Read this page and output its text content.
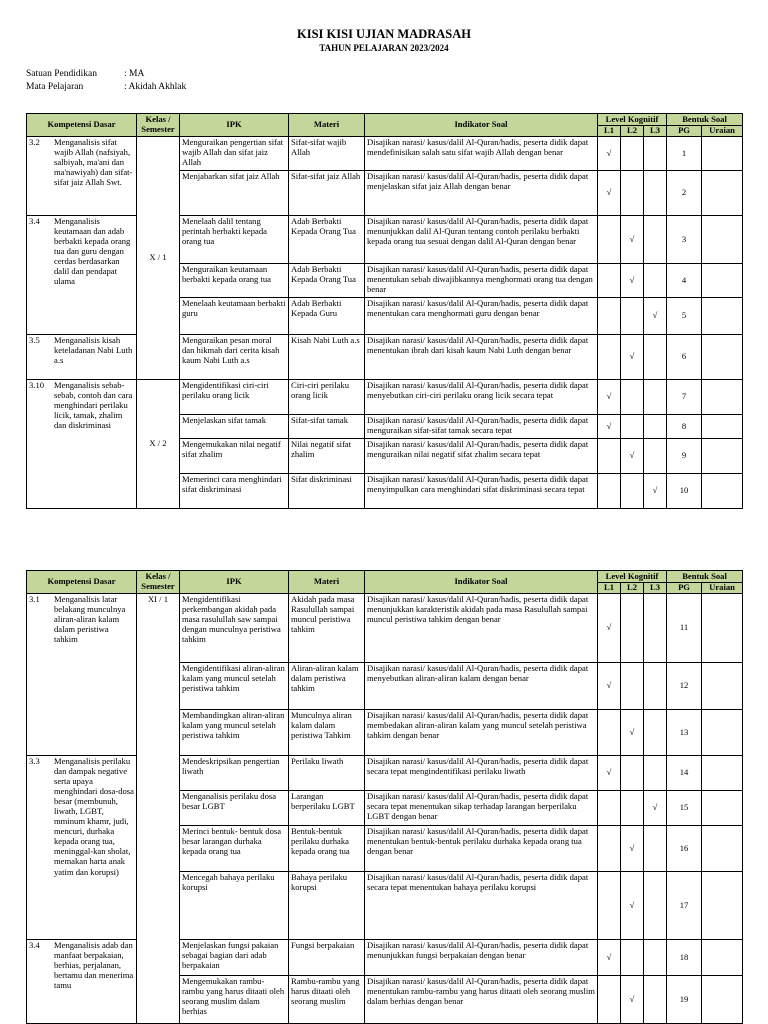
KISI KISI UJIAN MADRASAH
TAHUN PELAJARAN 2023/2024
Satuan Pendidikan	: MA
Mata Pelajaran	: Akidah Akhlak
Kompetensi Dasar	Kelas / Semester	IPK	Materi	Indikator Soal	Level Kognitif			Bentuk Soal	
					L1	L2	L3	PG	Uraian

3.2 Menganalisis sifat wajib Allah (nafsiyah, salbiyah, ma'ani dan ma'nawiyah) dan sifat-sifat jaiz Allah Swt.	X / 1	Menguraikan pengertian sifat wajib Allah dan sifat jaiz Allah	Sifat-sifat wajib Allah	Disajikan narasi/ kasus/dalil Al-Quran/hadis, peserta didik dapat mendefinisikan salah satu sifat wajib Allah dengan benar	√			1	
		Menjabarkan sifat jaiz Allah	Sifat-sifat jaiz Allah	Disajikan narasi/ kasus/dalil Al-Quran/hadis, peserta didik dapat menjelaskan sifat jaiz Allah dengan benar	√			2	

3.4 Menganalisis keutamaan dan adab berbakti kepada orang tua dan guru dengan cerdas berdasarkan dalil dan pendapat ulama		Menelaah dalil tentang perintah berbakti kepada orang tua	Adab Berbakti Kepada Orang Tua	Disajikan narasi/ kasus/dalil Al-Quran/hadis, peserta didik dapat menunjukkan dalil Al-Quran tentang contoh perilaku berbakti kepada orang tua sesuai dengan dalil Al-Quran dengan benar		√		3	
		Menguraikan keutamaan berbakti kepada orang tua	Adab Berbakti Kepada Orang Tua	Disajikan narasi/ kasus/dalil Al-Quran/hadis, peserta didik dapat menentukan sebab diwajibkannya menghormati orang tua dengan benar		√		4	
		Menelaah keutamaan berbakti guru	Adab Berbakti Kepada Guru	Disajikan narasi/ kasus/dalil Al-Quran/hadis, peserta didik dapat menentukan cara menghormati guru dengan benar			√	5	

3.5 Menganalisis kisah keteladanan Nabi Luth a.s		Menguraikan pesan moral dan hikmah dari cerita kisah kaum Nabi Luth a.s	Kisah Nabi Luth a.s	Disajikan narasi/ kasus/dalil Al-Quran/hadis, peserta didik dapat menentukan ibrah dari kisah kaum Nabi Luth dengan benar		√		6	

3.10 Menganalisis sebab-sebab, contoh dan cara menghindari perilaku licik, tamak, zhalim dan diskriminasi	X / 2	Mengidentifikasi ciri-ciri perilaku orang licik	Ciri-ciri perilaku orang licik	Disajikan narasi/ kasus/dalil Al-Quran/hadis, peserta didik dapat menyebutkan ciri-ciri perilaku orang licik secara tepat	√			7	
		Menjelaskan sifat tamak	Sifat-sifat tamak	Disajikan narasi/ kasus/dalil Al-Quran/hadis, peserta didik dapat menguraikan sifat-sifat tamak secara tepat	√			8	
		Mengemukakan nilai negatif sifat zhalim	Nilai negatif sifat zhalim	Disajikan narasi/ kasus/dalil Al-Quran/hadis, peserta didik dapat menguraikan nilai negatif sifat zhalim secara tepat		√		9	
		Memerinci cara menghindari sifat diskriminasi	Sifat diskriminasi	Disajikan narasi/ kasus/dalil Al-Quran/hadis, peserta didik dapat menyimpulkan cara menghindari sifat diskriminasi secara tepat			√	10	
Kompetensi Dasar	Kelas / Semester	IPK	Materi	Indikator Soal	Level Kognitif			Bentuk Soal	
					L1	L2	L3	PG	Uraian

3.1 Menganalisis latar belakang munculnya aliran-aliran kalam dalam peristiwa tahkim	XI / 1	Mengidentifikasi perkembangan akidah pada masa rasulullah saw sampai dengan munculnya peristiwa tahkim	Akidah pada masa Rasulullah sampai muncul peristiwa tahkim	Disajikan narasi/ kasus/dalil Al-Quran/hadis, peserta didik dapat menunjukkan karakteristik akidah pada masa Rasulullah sampai muncul peristiwa tahkim dengan benar	√			11	
		Mengidentifikasi aliran-aliran kalam yang muncul setelah peristiwa tahkim	Aliran-aliran kalam dalam peristiwa tahkim	Disajikan narasi/ kasus/dalil Al-Quran/hadis, peserta didik dapat menyebutkan aliran-aliran kalam dengan benar	√			12	
		Membandingkan aliran-aliran kalam yang muncul setelah peristiwa tahkim	Munculnya aliran kalam dalam peristiwa Tahkim	Disajikan narasi/ kasus/dalil Al-Quran/hadis, peserta didik dapat membedakan aliran-aliran kalam yang muncul setelah peristiwa tahkim dengan benar		√		13	

3.3 Menganalisis perilaku dan dampak negative serta upaya menghindari dosa-dosa besar (membunuh, liwath, LGBT, mminum khamr, judi, mencuri, durhaka kepada orang tua, meninggal-kan sholat, memakan harta anak yatim dan korupsi)		Mendeskripsikan pengertian liwath	Perilaku liwath	Disajikan narasi/ kasus/dalil Al-Quran/hadis, peserta didik dapat secara tepat mengindentifikasi perilaku liwath	√			14	
		Menganalisis perilaku dosa besar LGBT	Larangan berperilaku LGBT	Disajikan narasi/ kasus/dalil Al-Quran/hadis, peserta didik dapat secara tepat menentukan sikap terhadap larangan berperilaku LGBT dengan benar			√	15	
		Merinci bentuk- bentuk dosa besar larangan durhaka kepada orang tua	Bentuk-bentuk perilaku durhaka kepada orang tua	Disajikan narasi/ kasus/dalil Al-Quran/hadis, peserta didik dapat menentukan bentuk-bentuk perilaku durhaka kepada orang tua dengan benar		√		16	
		Mencegah bahaya perilaku korupsi	Bahaya perilaku korupsi	Disajikan narasi/ kasus/dalil Al-Quran/hadis, peserta didik dapat secara tepat menentukan bahaya perilaku korupsi		√		17	

3.4 Menganalisis adab dan manfaat berpakaian, berhias, perjalanan, bertamu dan menerima tamu		Menjelaskan fungsi pakaian sebagai bagian dari adab berpakaian	Fungsi berpakaian	Disajikan narasi/ kasus/dalil Al-Quran/hadis, peserta didik dapat menunjukkan fungsi berpakaian dengan benar	√			18	
		Mengemukakan rambu-rambu yang harus ditaati oleh seorang muslim dalam berhias	Rambu-rambu yang harus ditaati oleh seorang muslim	Disajikan narasi/ kasus/dalil Al-Quran/hadis, peserta didik dapat menentukan rambu-rambu yang harus ditaati oleh seorang muslim dalam berhias dengan benar		√		19	
